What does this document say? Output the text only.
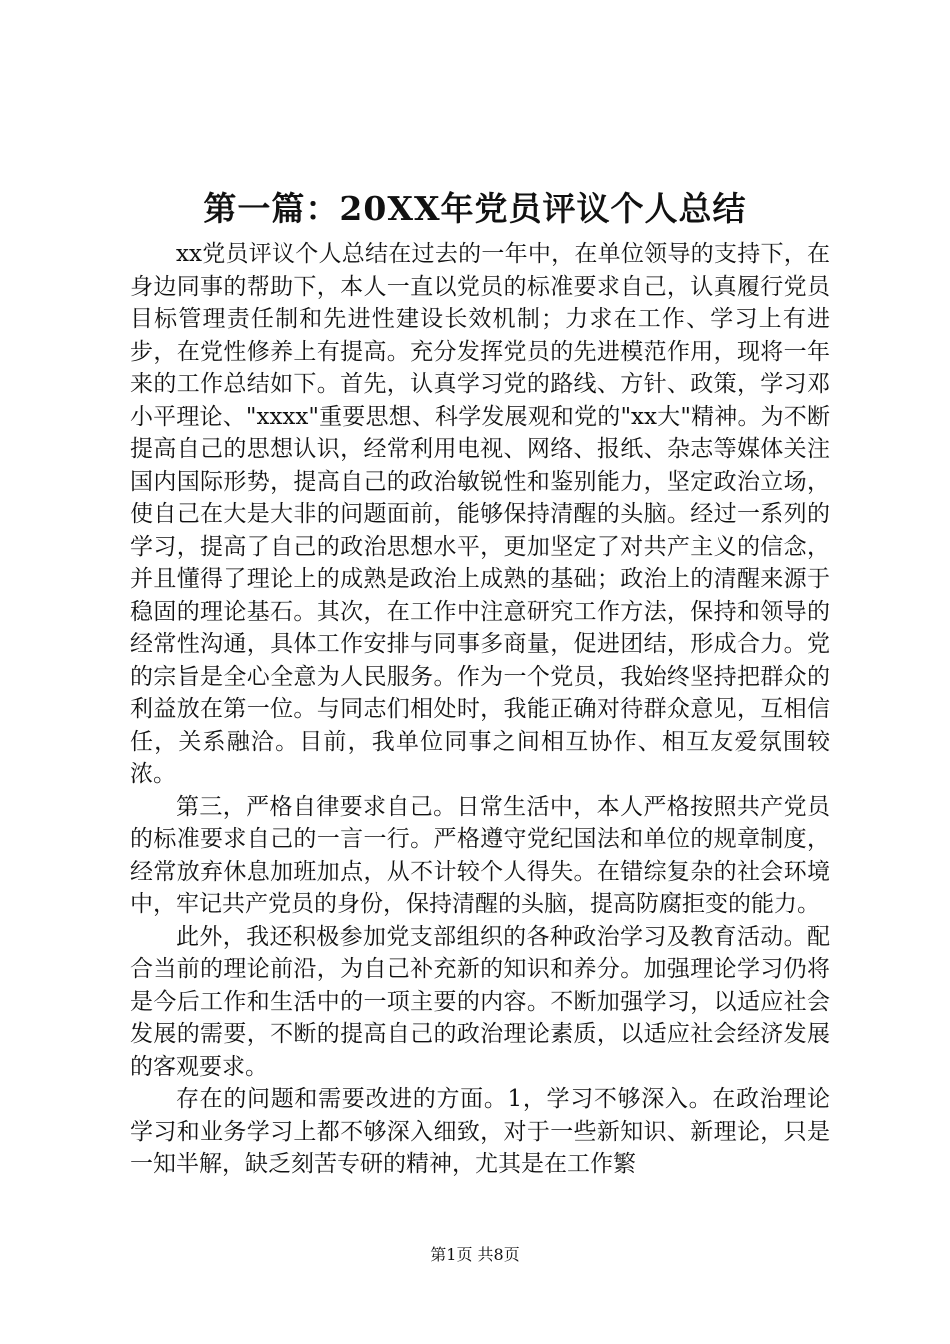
第一篇：20XX年党员评议个人总结

xx党员评议个人总结在过去的一年中，在单位领导的支持下，在身边同事的帮助下，本人一直以党员的标准要求自己，认真履行党员目标管理责任制和先进性建设长效机制；力求在工作、学习上有进步，在党性修养上有提高。充分发挥党员的先进模范作用，现将一年来的工作总结如下。首先，认真学习党的路线、方针、政策，学习邓小平理论、"xxxx"重要思想、科学发展观和党的"xx大"精神。为不断提高自己的思想认识，经常利用电视、网络、报纸、杂志等媒体关注国内国际形势，提高自己的政治敏锐性和鉴别能力，坚定政治立场，使自己在大是大非的问题面前，能够保持清醒的头脑。经过一系列的学习，提高了自己的政治思想水平，更加坚定了对共产主义的信念，并且懂得了理论上的成熟是政治上成熟的基础；政治上的清醒来源于稳固的理论基石。其次，在工作中注意研究工作方法，保持和领导的经常性沟通，具体工作安排与同事多商量，促进团结，形成合力。党的宗旨是全心全意为人民服务。作为一个党员，我始终坚持把群众的利益放在第一位。与同志们相处时，我能正确对待群众意见，互相信任，关系融洽。目前，我单位同事之间相互协作、相互友爱氛围较浓。

第三，严格自律要求自己。日常生活中，本人严格按照共产党员的标准要求自己的一言一行。严格遵守党纪国法和单位的规章制度，经常放弃休息加班加点，从不计较个人得失。在错综复杂的社会环境中，牢记共产党员的身份，保持清醒的头脑，提高防腐拒变的能力。

此外，我还积极参加党支部组织的各种政治学习及教育活动。配合当前的理论前沿，为自己补充新的知识和养分。加强理论学习仍将是今后工作和生活中的一项主要的内容。不断加强学习，以适应社会发展的需要，不断的提高自己的政治理论素质，以适应社会经济发展的客观要求。

存在的问题和需要改进的方面。1，学习不够深入。在政治理论学习和业务学习上都不够深入细致，对于一些新知识、新理论，只是一知半解，缺乏刻苦专研的精神，尤其是在工作繁

第1页 共8页
